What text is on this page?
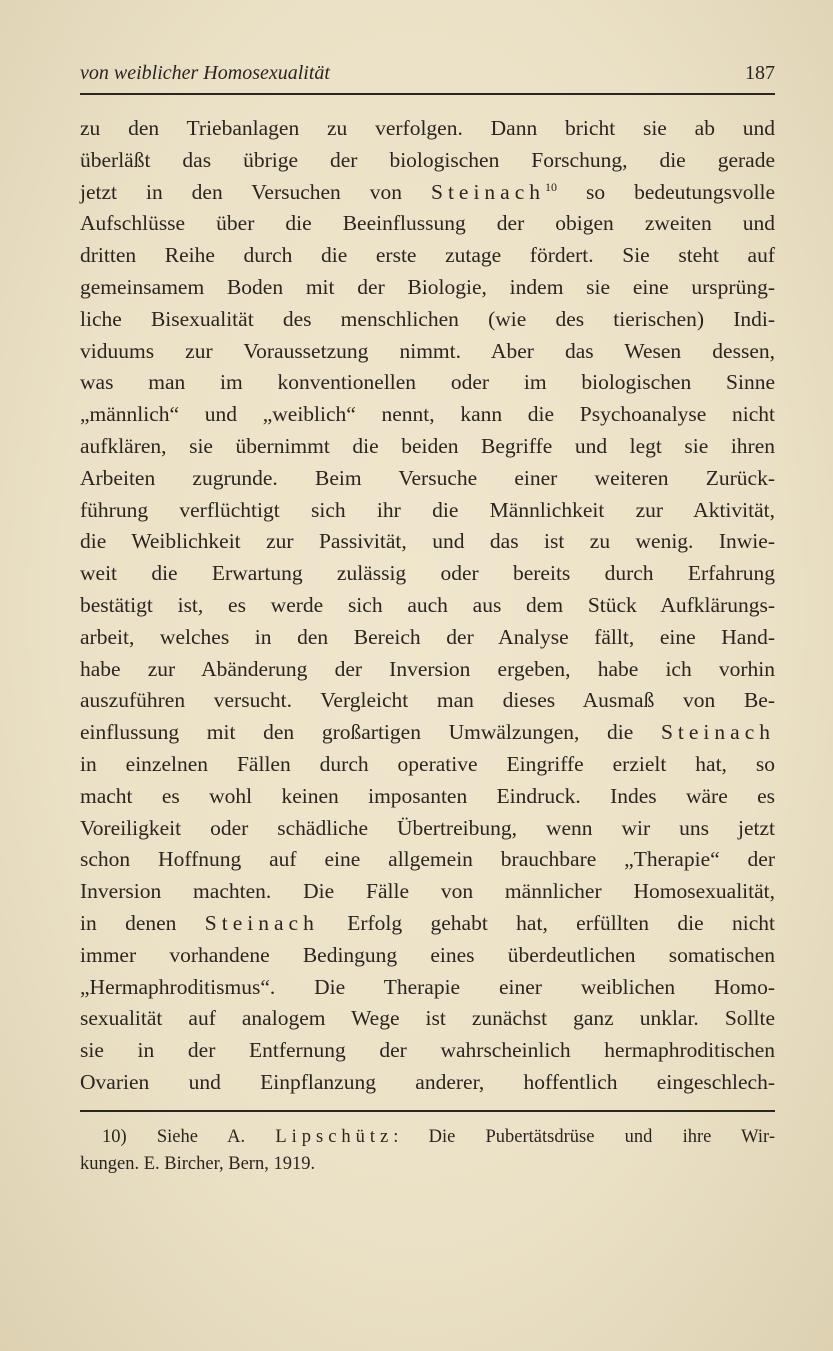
von weiblicher Homosexualität	187
zu den Triebanlagen zu verfolgen. Dann bricht sie ab und
überläßt das übrige der biologischen Forschung, die gerade
jetzt in den Versuchen von Steinach$^{10}$ so bedeutungsvolle
Aufschlüsse über die Beeinflussung der obigen zweiten und
dritten Reihe durch die erste zutage fördert. Sie steht auf
gemeinsamem Boden mit der Biologie, indem sie eine ursprüng-
liche Bisexualität des menschlichen (wie des tierischen) Indi-
viduums zur Voraussetzung nimmt. Aber das Wesen dessen,
was man im konventionellen oder im biologischen Sinne
„männlich“ und „weiblich“ nennt, kann die Psychoanalyse nicht
aufklären, sie übernimmt die beiden Begriffe und legt sie ihren
Arbeiten zugrunde. Beim Versuche einer weiteren Zurück-
führung verflüchtigt sich ihr die Männlichkeit zur Aktivität,
die Weiblichkeit zur Passivität, und das ist zu wenig. Inwie-
weit die Erwartung zulässig oder bereits durch Erfahrung
bestätigt ist, es werde sich auch aus dem Stück Aufklärungs-
arbeit, welches in den Bereich der Analyse fällt, eine Hand-
habe zur Abänderung der Inversion ergeben, habe ich vorhin
auszuführen versucht. Vergleicht man dieses Ausmaß von Be-
einflussung mit den großartigen Umwälzungen, die Steinach
in einzelnen Fällen durch operative Eingriffe erzielt hat, so
macht es wohl keinen imposanten Eindruck. Indes wäre es
Voreiligkeit oder schädliche Übertreibung, wenn wir uns jetzt
schon Hoffnung auf eine allgemein brauchbare „Therapie“ der
Inversion machten. Die Fälle von männlicher Homosexualität,
in denen Steinach Erfolg gehabt hat, erfüllten die nicht
immer vorhandene Bedingung eines überdeutlichen somatischen
„Hermaphroditismus“. Die Therapie einer weiblichen Homo-
sexualität auf analogem Wege ist zunächst ganz unklar. Sollte
sie in der Entfernung der wahrscheinlich hermaphroditischen
Ovarien und Einpflanzung anderer, hoffentlich eingeschlech-
10) Siehe A. Lipschütz: Die Pubertätsdrüse und ihre Wir-
kungen. E. Bircher, Bern, 1919.
